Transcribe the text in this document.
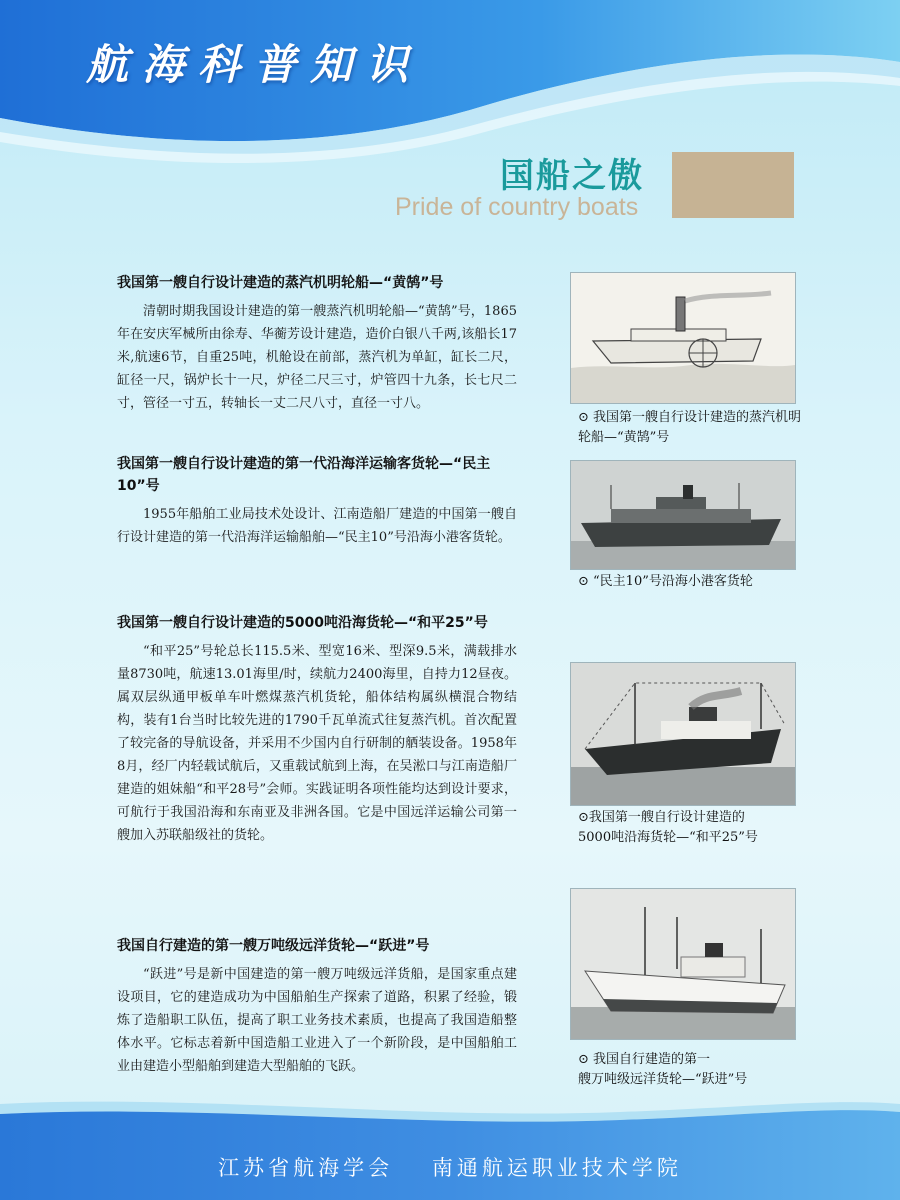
航海科普知识
国船之傲
Pride of country boats
我国第一艘自行设计建造的蒸汽机明轮船—“黄鹄”号

清朝时期我国设计建造的第一艘蒸汽机明轮船—“黄鹄”号，1865年在安庆军械所由徐寿、华蘅芳设计建造，造价白银八千两,该船长17米,航速6节，自重25吨，机舱设在前部，蒸汽机为单缸，缸长二尺，缸径一尺，锅炉长十一尺，炉径二尺三寸，炉管四十九条，长七尺二寸，管径一寸五，转轴长一丈二尺八寸，直径一寸八。

⊙ 我国第一艘自行设计建造的蒸汽机明轮船—“黄鹄”号
我国第一艘自行设计建造的第一代沿海洋运输客货轮—“民主10”号

1955年船舶工业局技术处设计、江南造船厂建造的中国第一艘自行设计建造的第一代沿海洋运输船舶—“民主10”号沿海小港客货轮。

⊙ “民主10”号沿海小港客货轮
我国第一艘自行设计建造的5000吨沿海货轮—“和平25”号

“和平25”号轮总长115.5米、型宽16米、型深9.5米，满载排水量8730吨，航速13.01海里/时，续航力2400海里，自持力12昼夜。属双层纵通甲板单车叶燃煤蒸汽机货轮，船体结构属纵横混合物结构，装有1台当时比较先进的1790千瓦单流式往复蒸汽机。首次配置了较完备的导航设备，并采用不少国内自行研制的舾装设备。1958年8月，经厂内轻载试航后，又重载试航到上海，在吴淞口与江南造船厂建造的姐妹船“和平28号”会师。实践证明各项性能均达到设计要求，可航行于我国沿海和东南亚及非洲各国。它是中国远洋运输公司第一艘加入苏联船级社的货轮。

⊙我国第一艘自行设计建造的
5000吨沿海货轮—“和平25”号
我国自行建造的第一艘万吨级远洋货轮—“跃进”号

“跃进”号是新中国建造的第一艘万吨级远洋货船，是国家重点建设项目，它的建造成功为中国船舶生产探索了道路，积累了经验，锻炼了造船职工队伍，提高了职工业务技术素质，也提高了我国造船整体水平。它标志着新中国造船工业进入了一个新阶段，是中国船舶工业由建造小型船舶到建造大型船舶的飞跃。	⊙ 我国自行建造的第一
艘万吨级远洋货轮—“跃进”号
江苏省航海学会 南通航运职业技术学院
